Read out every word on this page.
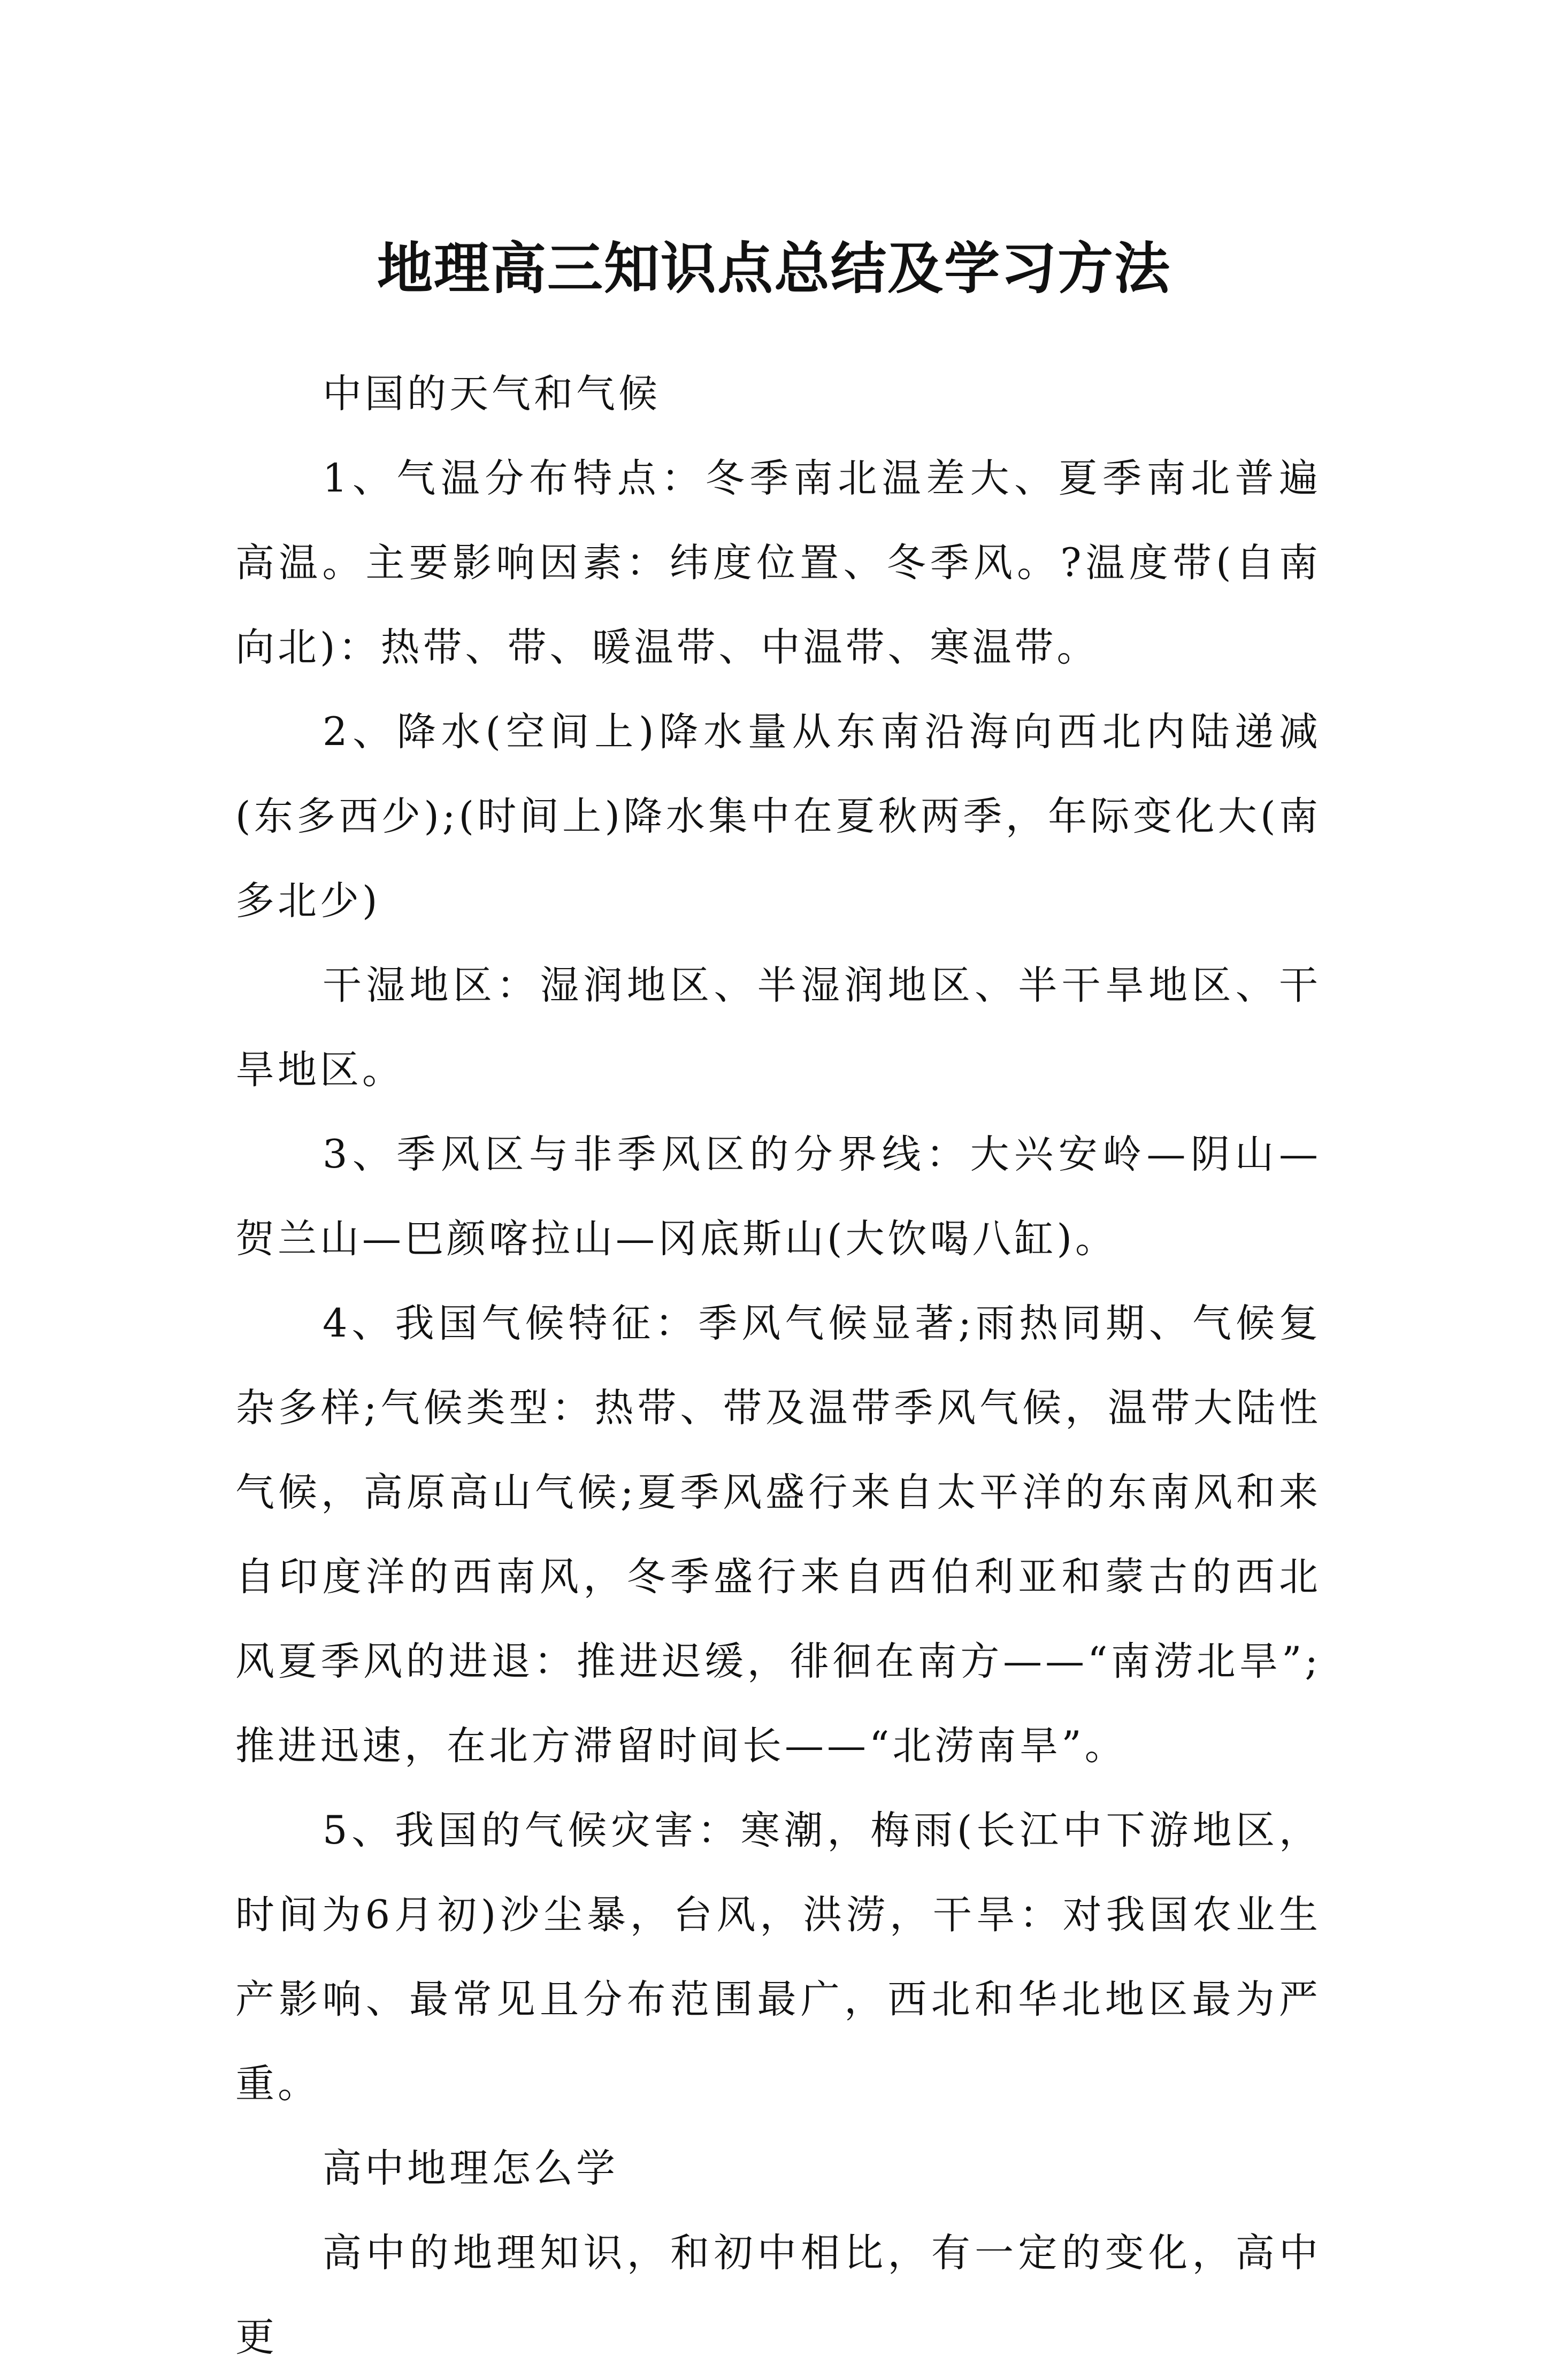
地理高三知识点总结及学习方法

中国的天气和气候

1、气温分布特点：冬季南北温差大、夏季南北普遍高温。主要影响因素：纬度位置、冬季风。?温度带(自南向北)：热带、带、暖温带、中温带、寒温带。

2、降水(空间上)降水量从东南沿海向西北内陆递减(东多西少);(时间上)降水集中在夏秋两季，年际变化大(南多北少)

干湿地区：湿润地区、半湿润地区、半干旱地区、干旱地区。

3、季风区与非季风区的分界线：大兴安岭—阴山—贺兰山—巴颜喀拉山—冈底斯山(大饮喝八缸)。

4、我国气候特征：季风气候显著;雨热同期、气候复杂多样;气候类型：热带、带及温带季风气候，温带大陆性气候，高原高山气候;夏季风盛行来自太平洋的东南风和来自印度洋的西南风，冬季盛行来自西伯利亚和蒙古的西北风夏季风的进退：推进迟缓，徘徊在南方——“南涝北旱”;推进迅速，在北方滞留时间长——“北涝南旱”。

5、我国的气候灾害：寒潮，梅雨(长江中下游地区，时间为6月初)沙尘暴，台风，洪涝，干旱：对我国农业生产影响、最常见且分布范围最广，西北和华北地区最为严重。

高中地理怎么学

高中的地理知识，和初中相比，有一定的变化，高中更
